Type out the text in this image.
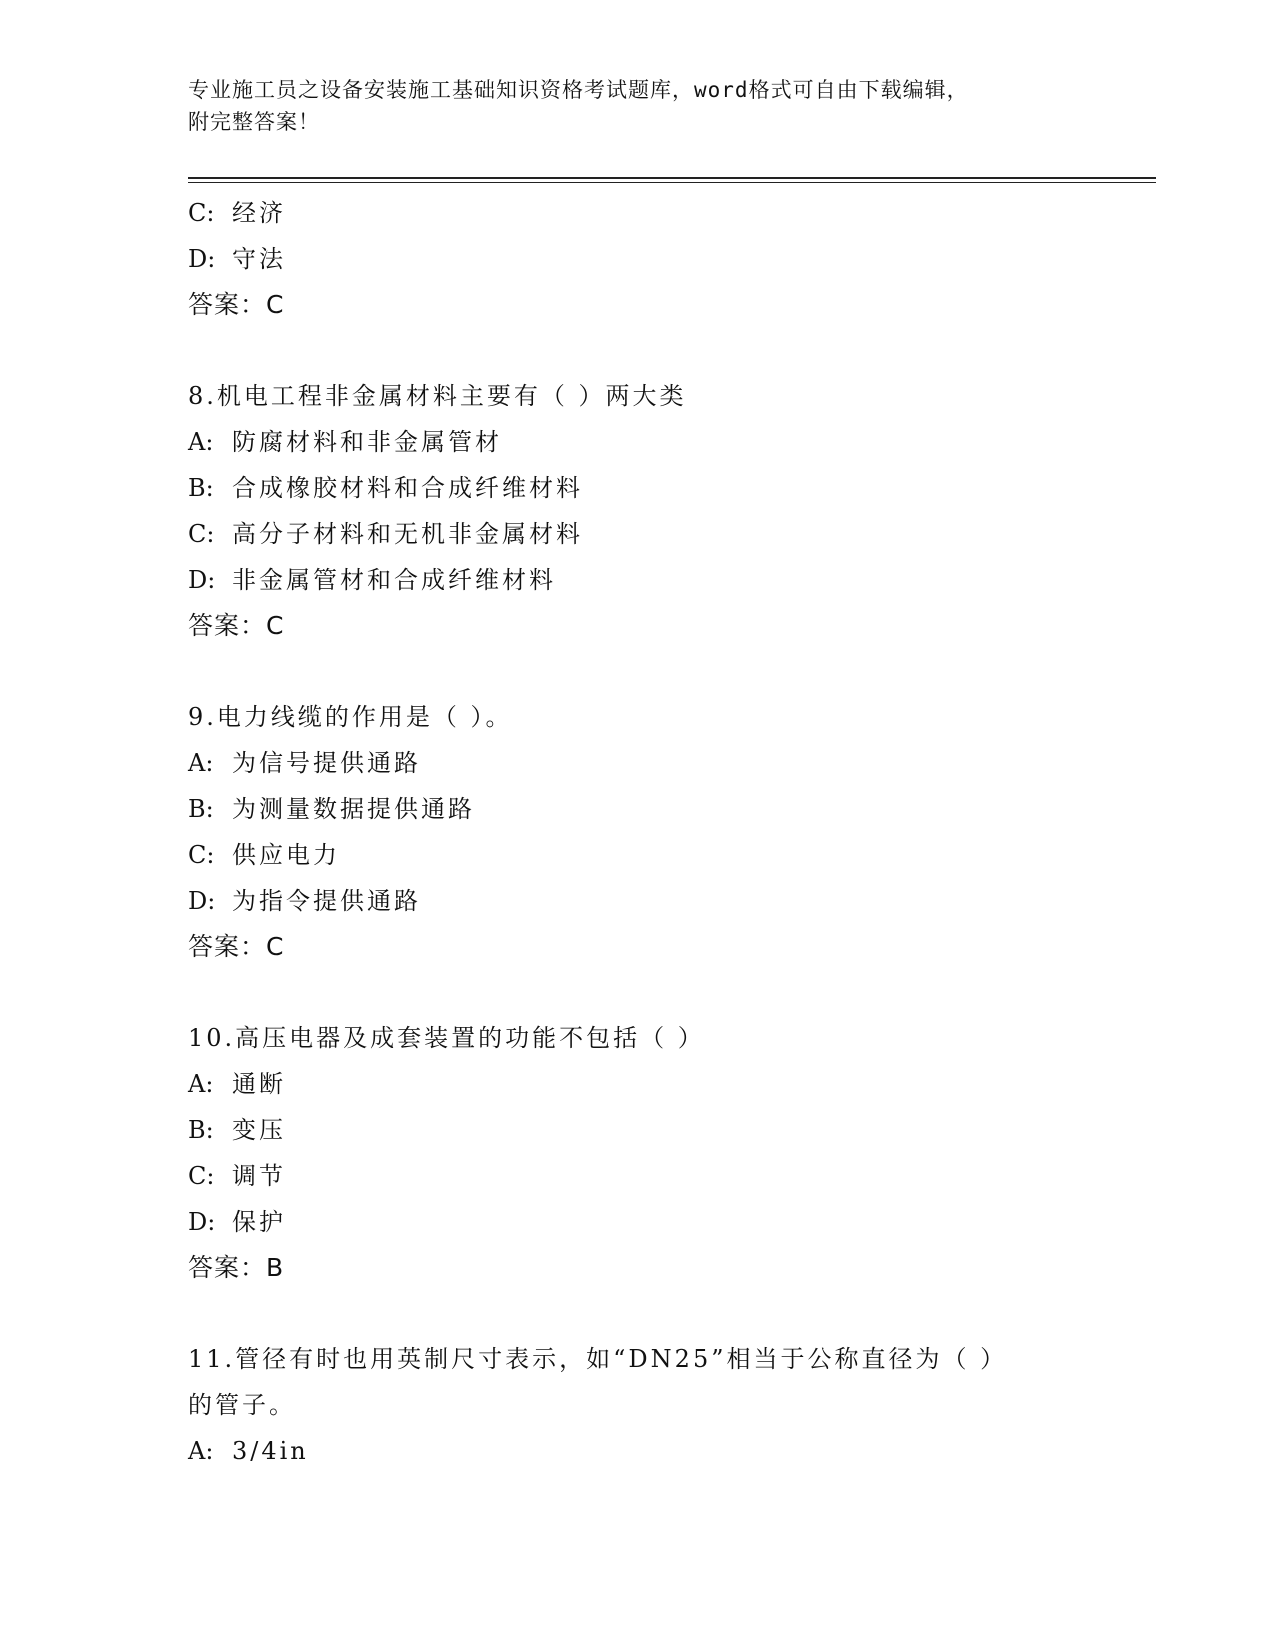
专业施工员之设备安装施工基础知识资格考试题库，word格式可自由下载编辑，
附完整答案！
C: 经济
D: 守法
答案：C
8.机电工程非金属材料主要有（ ）两大类
A: 防腐材料和非金属管材
B: 合成橡胶材料和合成纤维材料
C: 高分子材料和无机非金属材料
D: 非金属管材和合成纤维材料
答案：C
9.电力线缆的作用是（ ）。
A: 为信号提供通路
B: 为测量数据提供通路
C: 供应电力
D: 为指令提供通路
答案：C
10.高压电器及成套装置的功能不包括（ ）
A: 通断
B: 变压
C: 调节
D: 保护
答案：B
11.管径有时也用英制尺寸表示，如“DN25”相当于公称直径为（ ）
的管子。
A: 3/4in
